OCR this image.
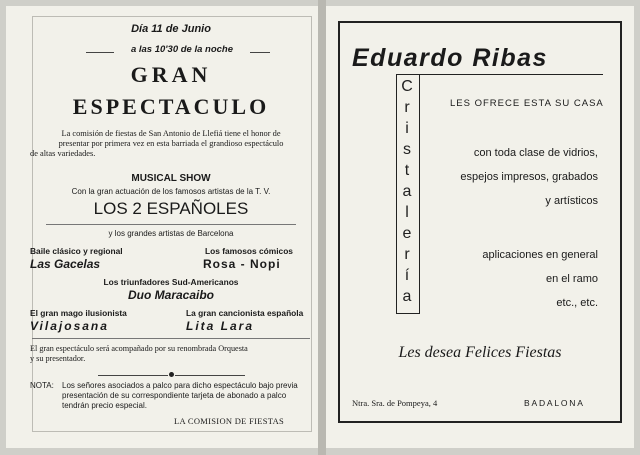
Día 11 de Junio
a las 10'30 de la noche
GRAN
ESPECTACULO
La comisión de fiestas de San Antonio de Llefiá tiene el honor de
presentar por primera vez en esta barriada el grandioso espectáculo
de altas variedades.
MUSICAL SHOW
Con la gran actuación de los famosos artistas de la T. V.
LOS 2 ESPAÑOLES
y los grandes artistas de Barcelona
Baile clásico y regional
Las Gacelas
Los famosos cómicos
Rosa - Nopi
Los triunfadores Sud-Americanos
Duo Maracaibo
El gran mago ilusionista
Vilajosana
La gran cancionista española
Lita Lara
El gran espectáculo será acompañado por su renombrada Orquesta
y su presentador.
NOTA: Los señores asociados a palco para dicho espectáculo bajo previa
presentación de su correspondiente tarjeta de abonado a palco
tendrán precio especial.
LA COMISION DE FIESTAS
Eduardo Ribas
C
r
i
s
t
a
l
e
r
í
a
LES OFRECE ESTA SU CASA
con toda clase de vidrios,
espejos impresos, grabados
y artísticos
aplicaciones en general
en el ramo
etc., etc.
Les desea Felices Fiestas
Ntra. Sra. de Pompeya, 4	BADALONA
